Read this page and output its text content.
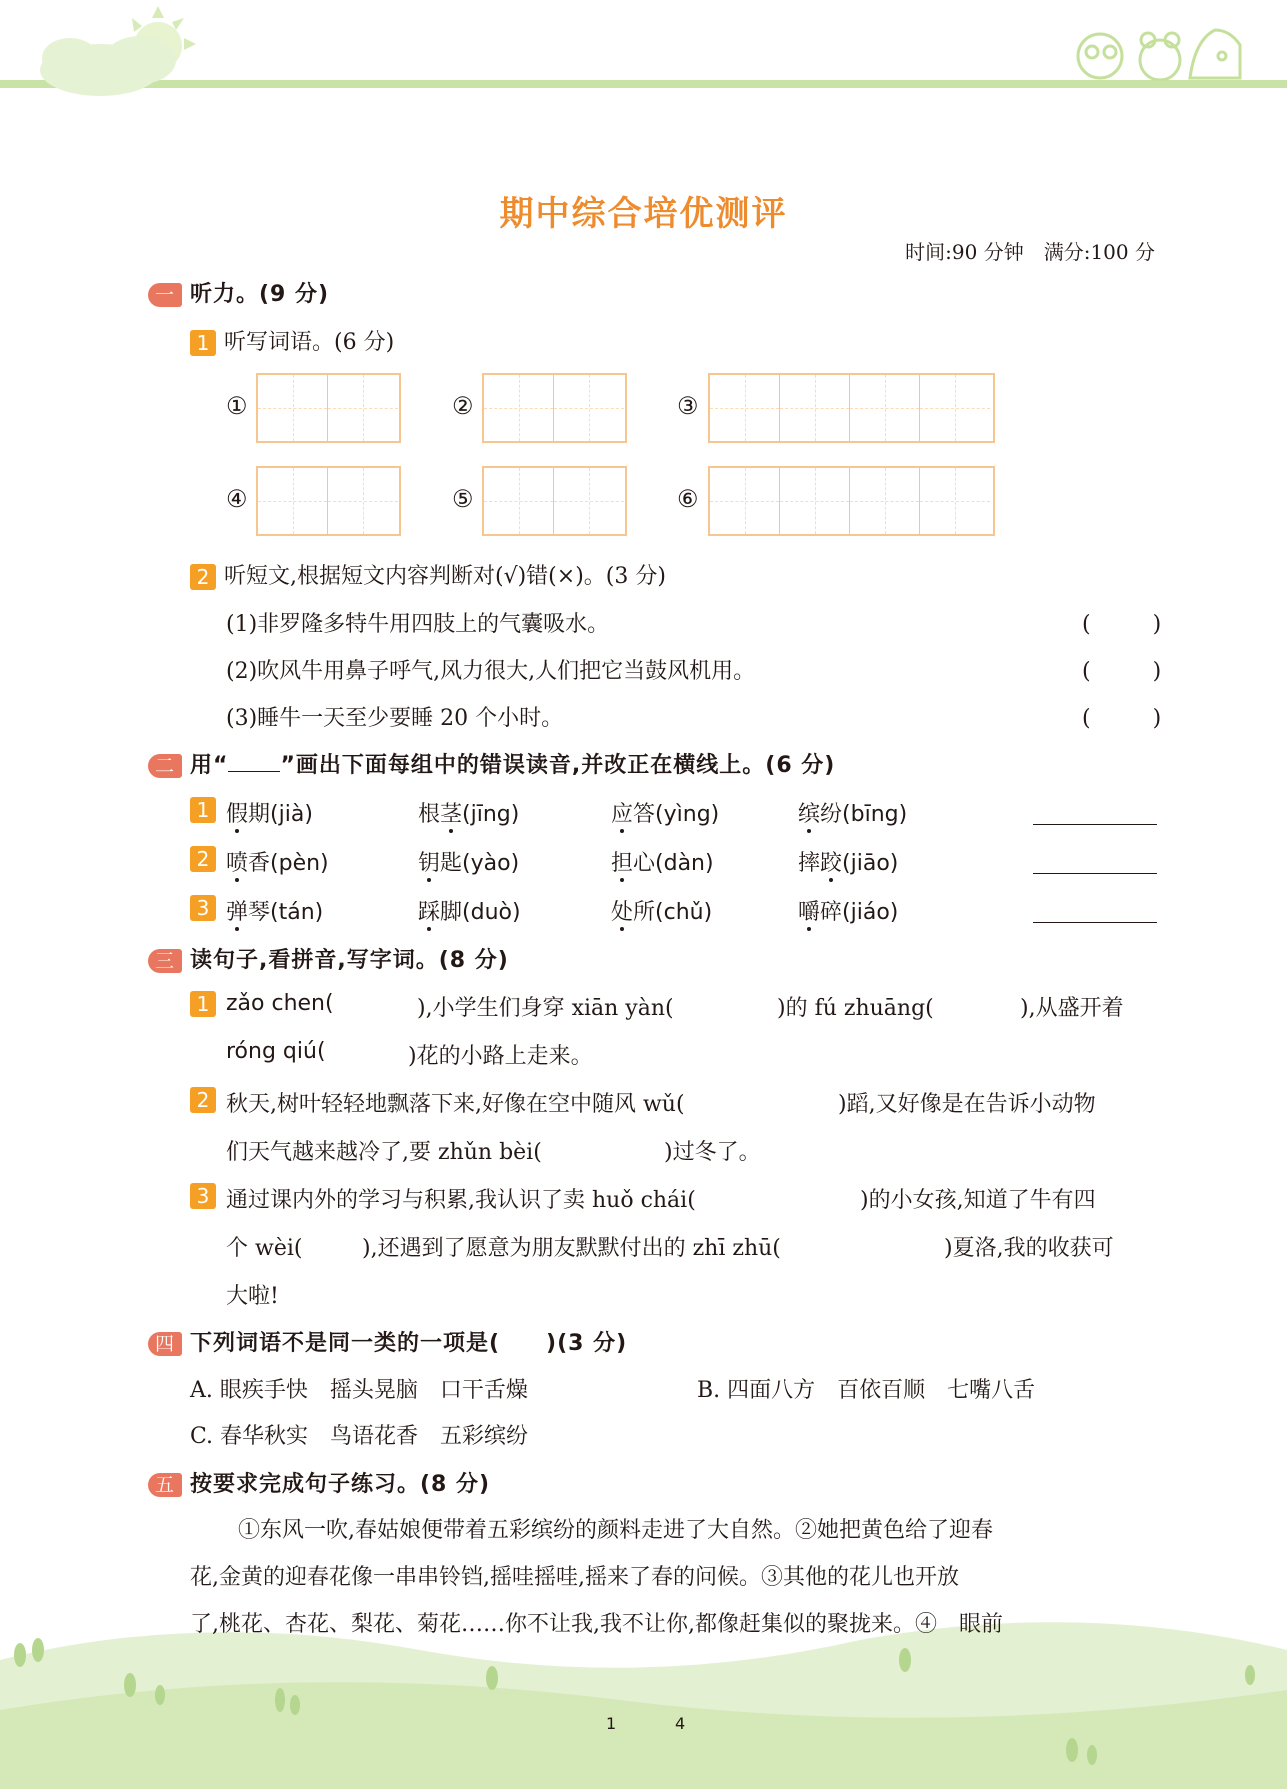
期中综合培优测评
时间:90 分钟　满分:100 分
一 听力。(9 分)
1 听写词语。(6 分)
①	②	③
④	⑤	⑥
2 听短文,根据短文内容判断对(√)错(×)。(3 分)
(1)非罗隆多特牛用四肢上的气囊吸水。	(　　)
(2)吹风牛用鼻子呼气,风力很大,人们把它当鼓风机用。	(　　)
(3)睡牛一天至少要睡 20 个小时。	(　　)
二 用“ ”画出下面每组中的错误读音,并改正在横线上。(6 分)
1 假期(jià)	根茎(jīng)	应答(yìng)	缤纷(bīng)
2 喷香(pèn)	钥匙(yào)	担心(dàn)	摔跤(jiāo)
3 弹琴(tán)	踩脚(duò)	处所(chǔ)	嚼碎(jiáo)
三 读句子,看拼音,写字词。(8 分)
1 zǎo chen(	),小学生们身穿 xiān yàn(	)的 fú zhuāng(	),从盛开着
róng qiú(	)花的小路上走来。
2 秋天,树叶轻轻地飘落下来,好像在空中随风 wǔ(	)蹈,又好像是在告诉小动物
们天气越来越冷了,要 zhǔn bèi(	)过冬了。
3 通过课内外的学习与积累,我认识了卖 huǒ chái(	)的小女孩,知道了牛有四
个 wèi(	),还遇到了愿意为朋友默默付出的 zhī zhū(	)夏洛,我的收获可
大啦!
四 下列词语不是同一类的一项是(　　)(3 分)
A. 眼疾手快　摇头晃脑　口干舌燥	B. 四面八方　百依百顺　七嘴八舌
C. 春华秋实　鸟语花香　五彩缤纷
五 按要求完成句子练习。(8 分)
①东风一吹,春姑娘便带着五彩缤纷的颜料走进了大自然。②她把黄色给了迎春
花,金黄的迎春花像一串串铃铛,摇哇摇哇,摇来了春的问候。③其他的花儿也开放
了,桃花、杏花、梨花、菊花……你不让我,我不让你,都像赶集似的聚拢来。④　眼前
1	4
